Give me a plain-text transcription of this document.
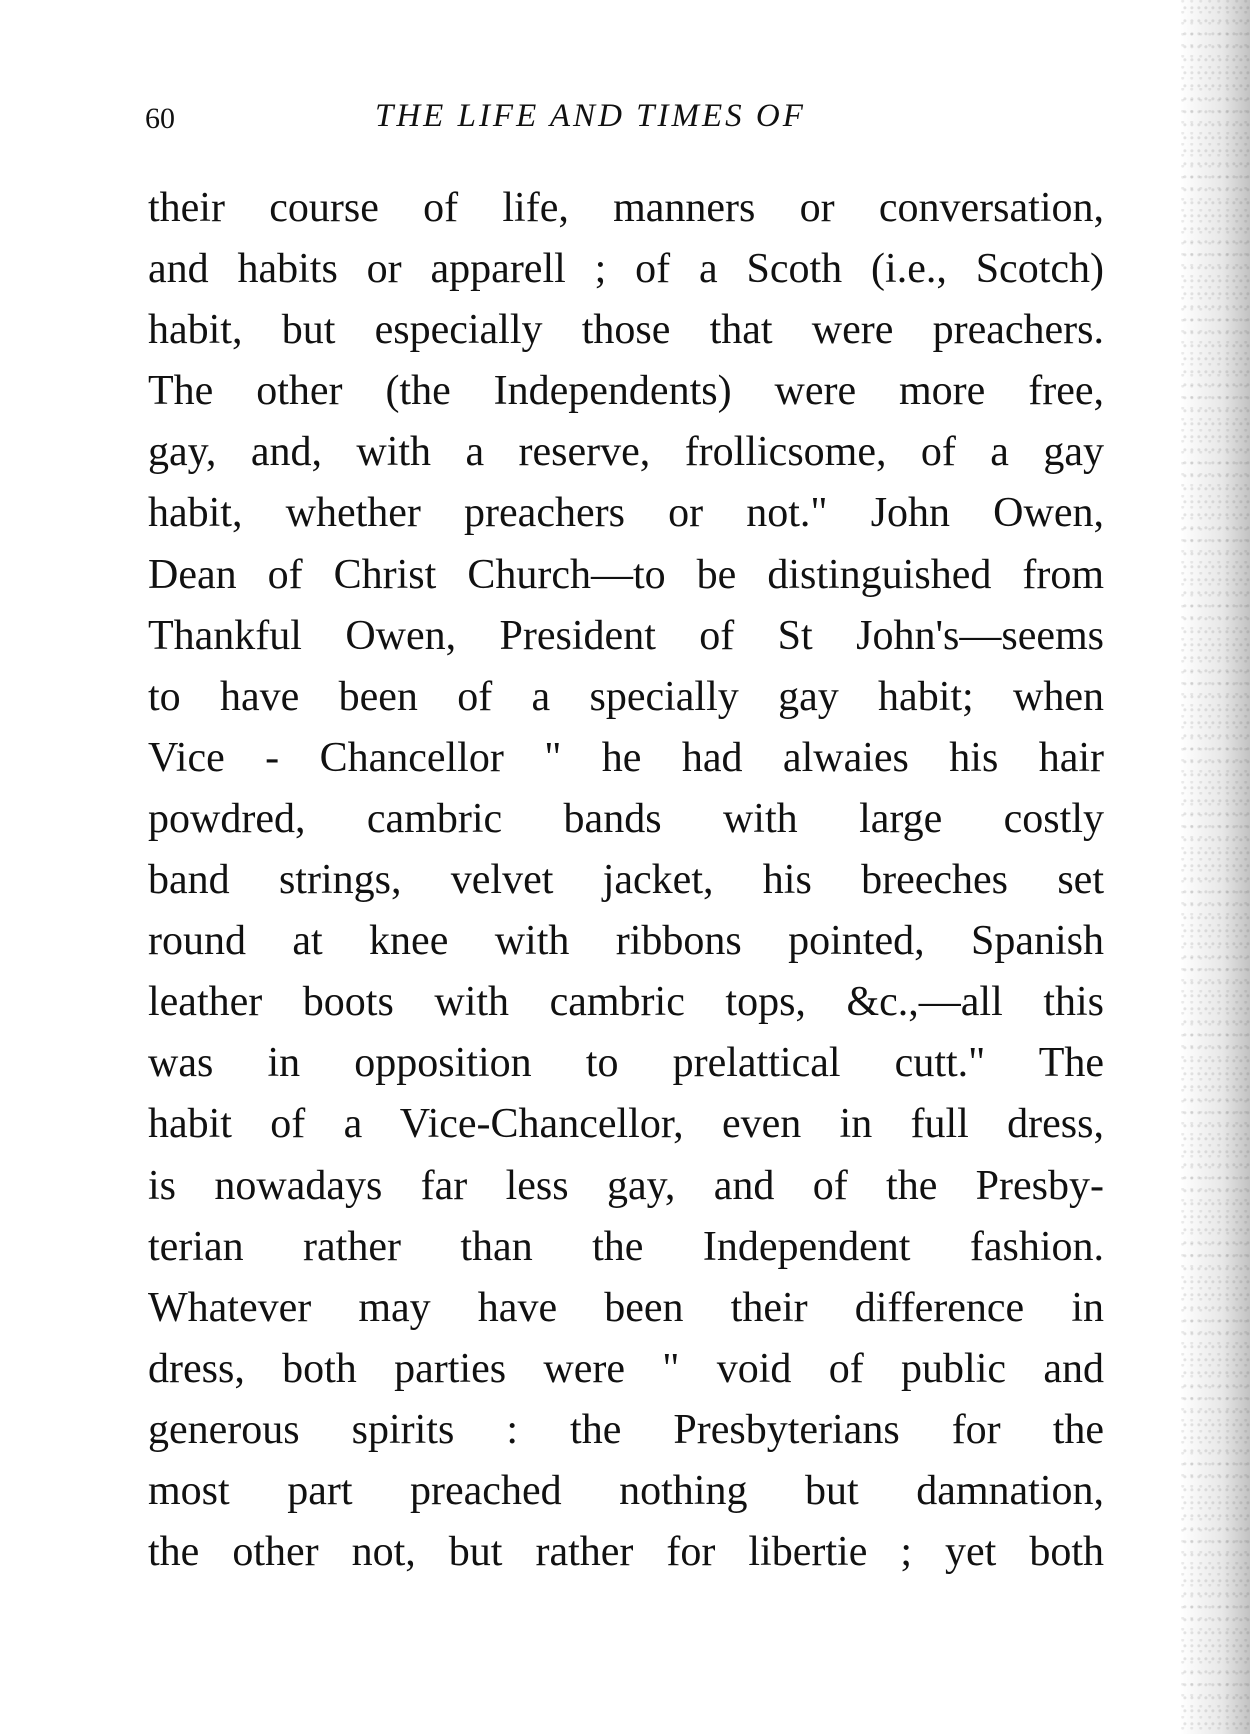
60	THE LIFE AND TIMES OF
their course of life, manners or conversation,
and habits or apparell ; of a Scoth (i.e., Scotch)
habit, but especially those that were preachers.
The other (the Independents) were more free,
gay, and, with a reserve, frollicsome, of a gay
habit, whether preachers or not." John Owen,
Dean of Christ Church—to be distinguished from
Thankful Owen, President of St John's—seems
to have been of a specially gay habit; when
Vice - Chancellor " he had alwaies his hair
powdred, cambric bands with large costly
band strings, velvet jacket, his breeches set
round at knee with ribbons pointed, Spanish
leather boots with cambric tops, &c.,—all this
was in opposition to prelattical cutt." The
habit of a Vice-Chancellor, even in full dress,
is nowadays far less gay, and of the Presby-
terian rather than the Independent fashion.
Whatever may have been their difference in
dress, both parties were " void of public and
generous spirits : the Presbyterians for the
most part preached nothing but damnation,
the other not, but rather for libertie ; yet both
